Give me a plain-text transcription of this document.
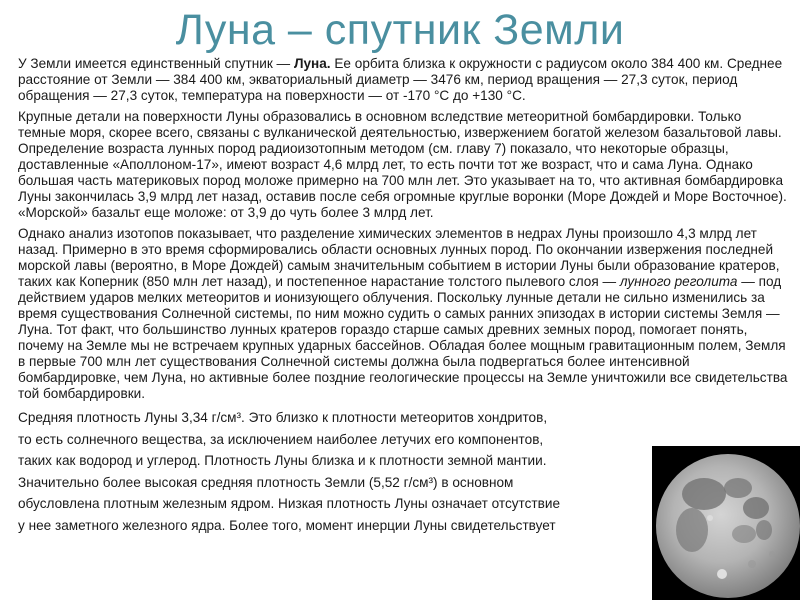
Луна – спутник Земли

У Земли имеется единственный спутник — Луна. Ее орбита близка к окружности с радиусом около 384 400 км. Среднее расстояние от Земли — 384 400 км, экваториальный диаметр — 3476 км, период вращения — 27,3 суток, период обращения — 27,3 суток, температура на поверхности — от -170 °С до +130 °С.

Крупные детали на поверхности Луны образовались в основном вследствие метеоритной бомбардировки. Только темные моря, скорее всего, связаны с вулканической деятельностью, извержением богатой железом базальтовой лавы. Определение возраста лунных пород радиоизотопным методом (см. главу 7) показало, что некоторые образцы, доставленные «Аполлоном-17», имеют возраст 4,6 млрд лет, то есть почти тот же возраст, что и сама Луна. Однако большая часть материковых пород моложе примерно на 700 млн лет. Это указывает на то, что активная бомбардировка Луны закончилась 3,9 млрд лет назад, оставив после себя огромные круглые воронки (Море Дождей и Море Восточное). «Морской» базальт еще моложе: от 3,9 до чуть более 3 млрд лет.

Однако анализ изотопов показывает, что разделение химических элементов в недрах Луны произошло 4,3 млрд лет назад. Примерно в это время сформировались области основных лунных пород. По окончании извержения последней морской лавы (вероятно, в Море Дождей) самым значительным событием в истории Луны были образование кратеров, таких как Коперник (850 млн лет назад), и постепенное нарастание толстого пылевого слоя — лунного реголита — под действием ударов мелких метеоритов и ионизующего облучения. Поскольку лунные детали не сильно изменились за время существования Солнечной системы, по ним можно судить о самых ранних эпизодах в истории системы Земля — Луна. Тот факт, что большинство лунных кратеров гораздо старше самых древних земных пород, помогает понять, почему на Земле мы не встречаем крупных ударных бассейнов. Обладая более мощным гравитационным полем, Земля в первые 700 млн лет существования Солнечной системы должна была подвергаться более интенсивной бомбардировке, чем Луна, но активные более поздние геологические процессы на Земле уничтожили все свидетельства той бомбардировки.

Средняя плотность Луны 3,34 г/см³. Это близко к плотности метеоритов хондритов,
то есть солнечного вещества, за исключением наиболее летучих его компонентов,
таких как водород и углерод. Плотность Луны близка и к плотности земной мантии.
Значительно более высокая средняя плотность Земли (5,52 г/см³) в основном
обусловлена плотным железным ядром. Низкая плотность Луны означает отсутствие
у нее заметного железного ядра. Более того, момент инерции Луны свидетельствует
